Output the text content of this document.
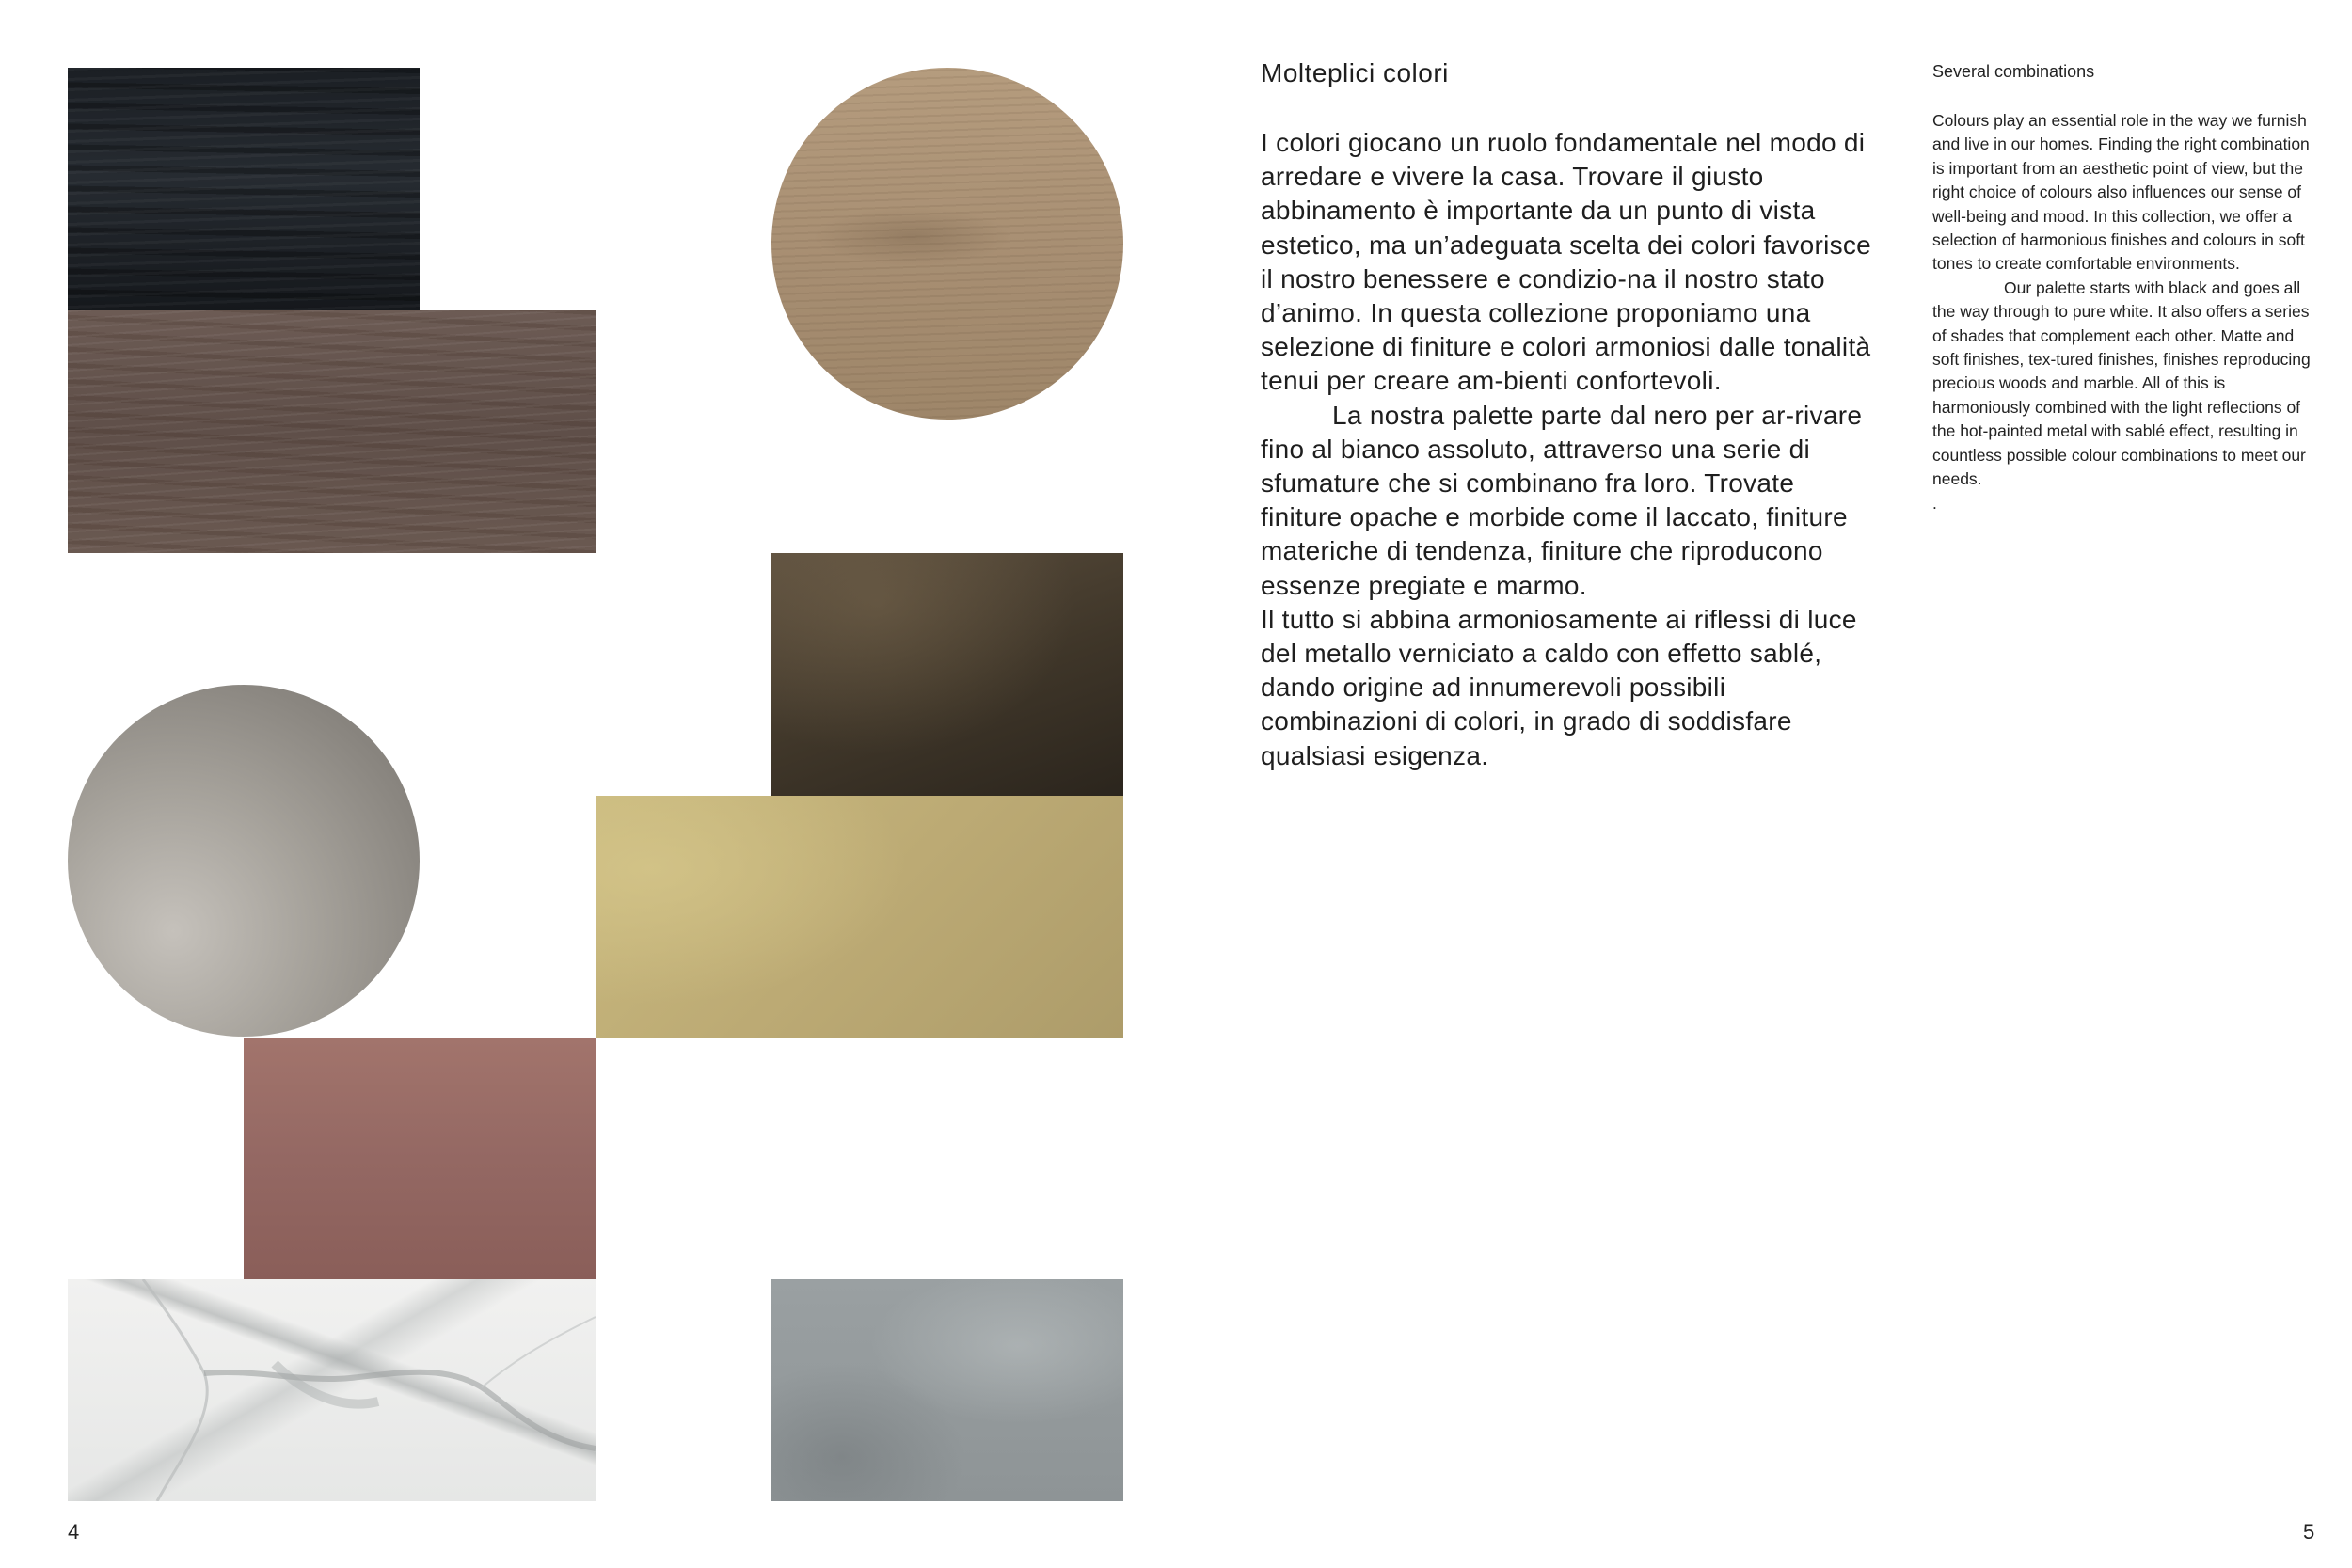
Molteplici colori

I colori giocano un ruolo fondamentale nel modo di arredare e vivere la casa. Trovare il giusto abbinamento è importante da un punto di vista estetico, ma un’adeguata scelta dei colori favorisce il nostro benessere e condizio-na il nostro stato d’animo. In questa collezione proponiamo una selezione di finiture e colori armoniosi dalle tonalità tenui per creare am-bienti confortevoli.

La nostra palette parte dal nero per ar-rivare fino al bianco assoluto, attraverso una serie di sfumature che si combinano fra loro. Trovate finiture opache e morbide come il laccato, finiture materiche di tendenza, finiture che riproducono essenze pregiate e marmo.

Il tutto si abbina armoniosamente ai riflessi di luce del metallo verniciato a caldo con effetto sablé, dando origine ad innumerevoli possibili combinazioni di colori, in grado di soddisfare qualsiasi esigenza.

Several combinations

Colours play an essential role in the way we furnish and live in our homes. Finding the right combination is important from an aesthetic point of view, but the right choice of colours also influences our sense of well-being and mood. In this collection, we offer a selection of harmonious finishes and colours in soft tones to create comfortable environments.

Our palette starts with black and goes all the way through to pure white. It also offers a series of shades that complement each other. Matte and soft finishes, tex-tured finishes, finishes reproducing precious woods and marble. All of this is harmoniously combined with the light reflections of the hot-painted metal with sablé effect, resulting in countless possible colour combinations to meet our needs.

.

4	5
